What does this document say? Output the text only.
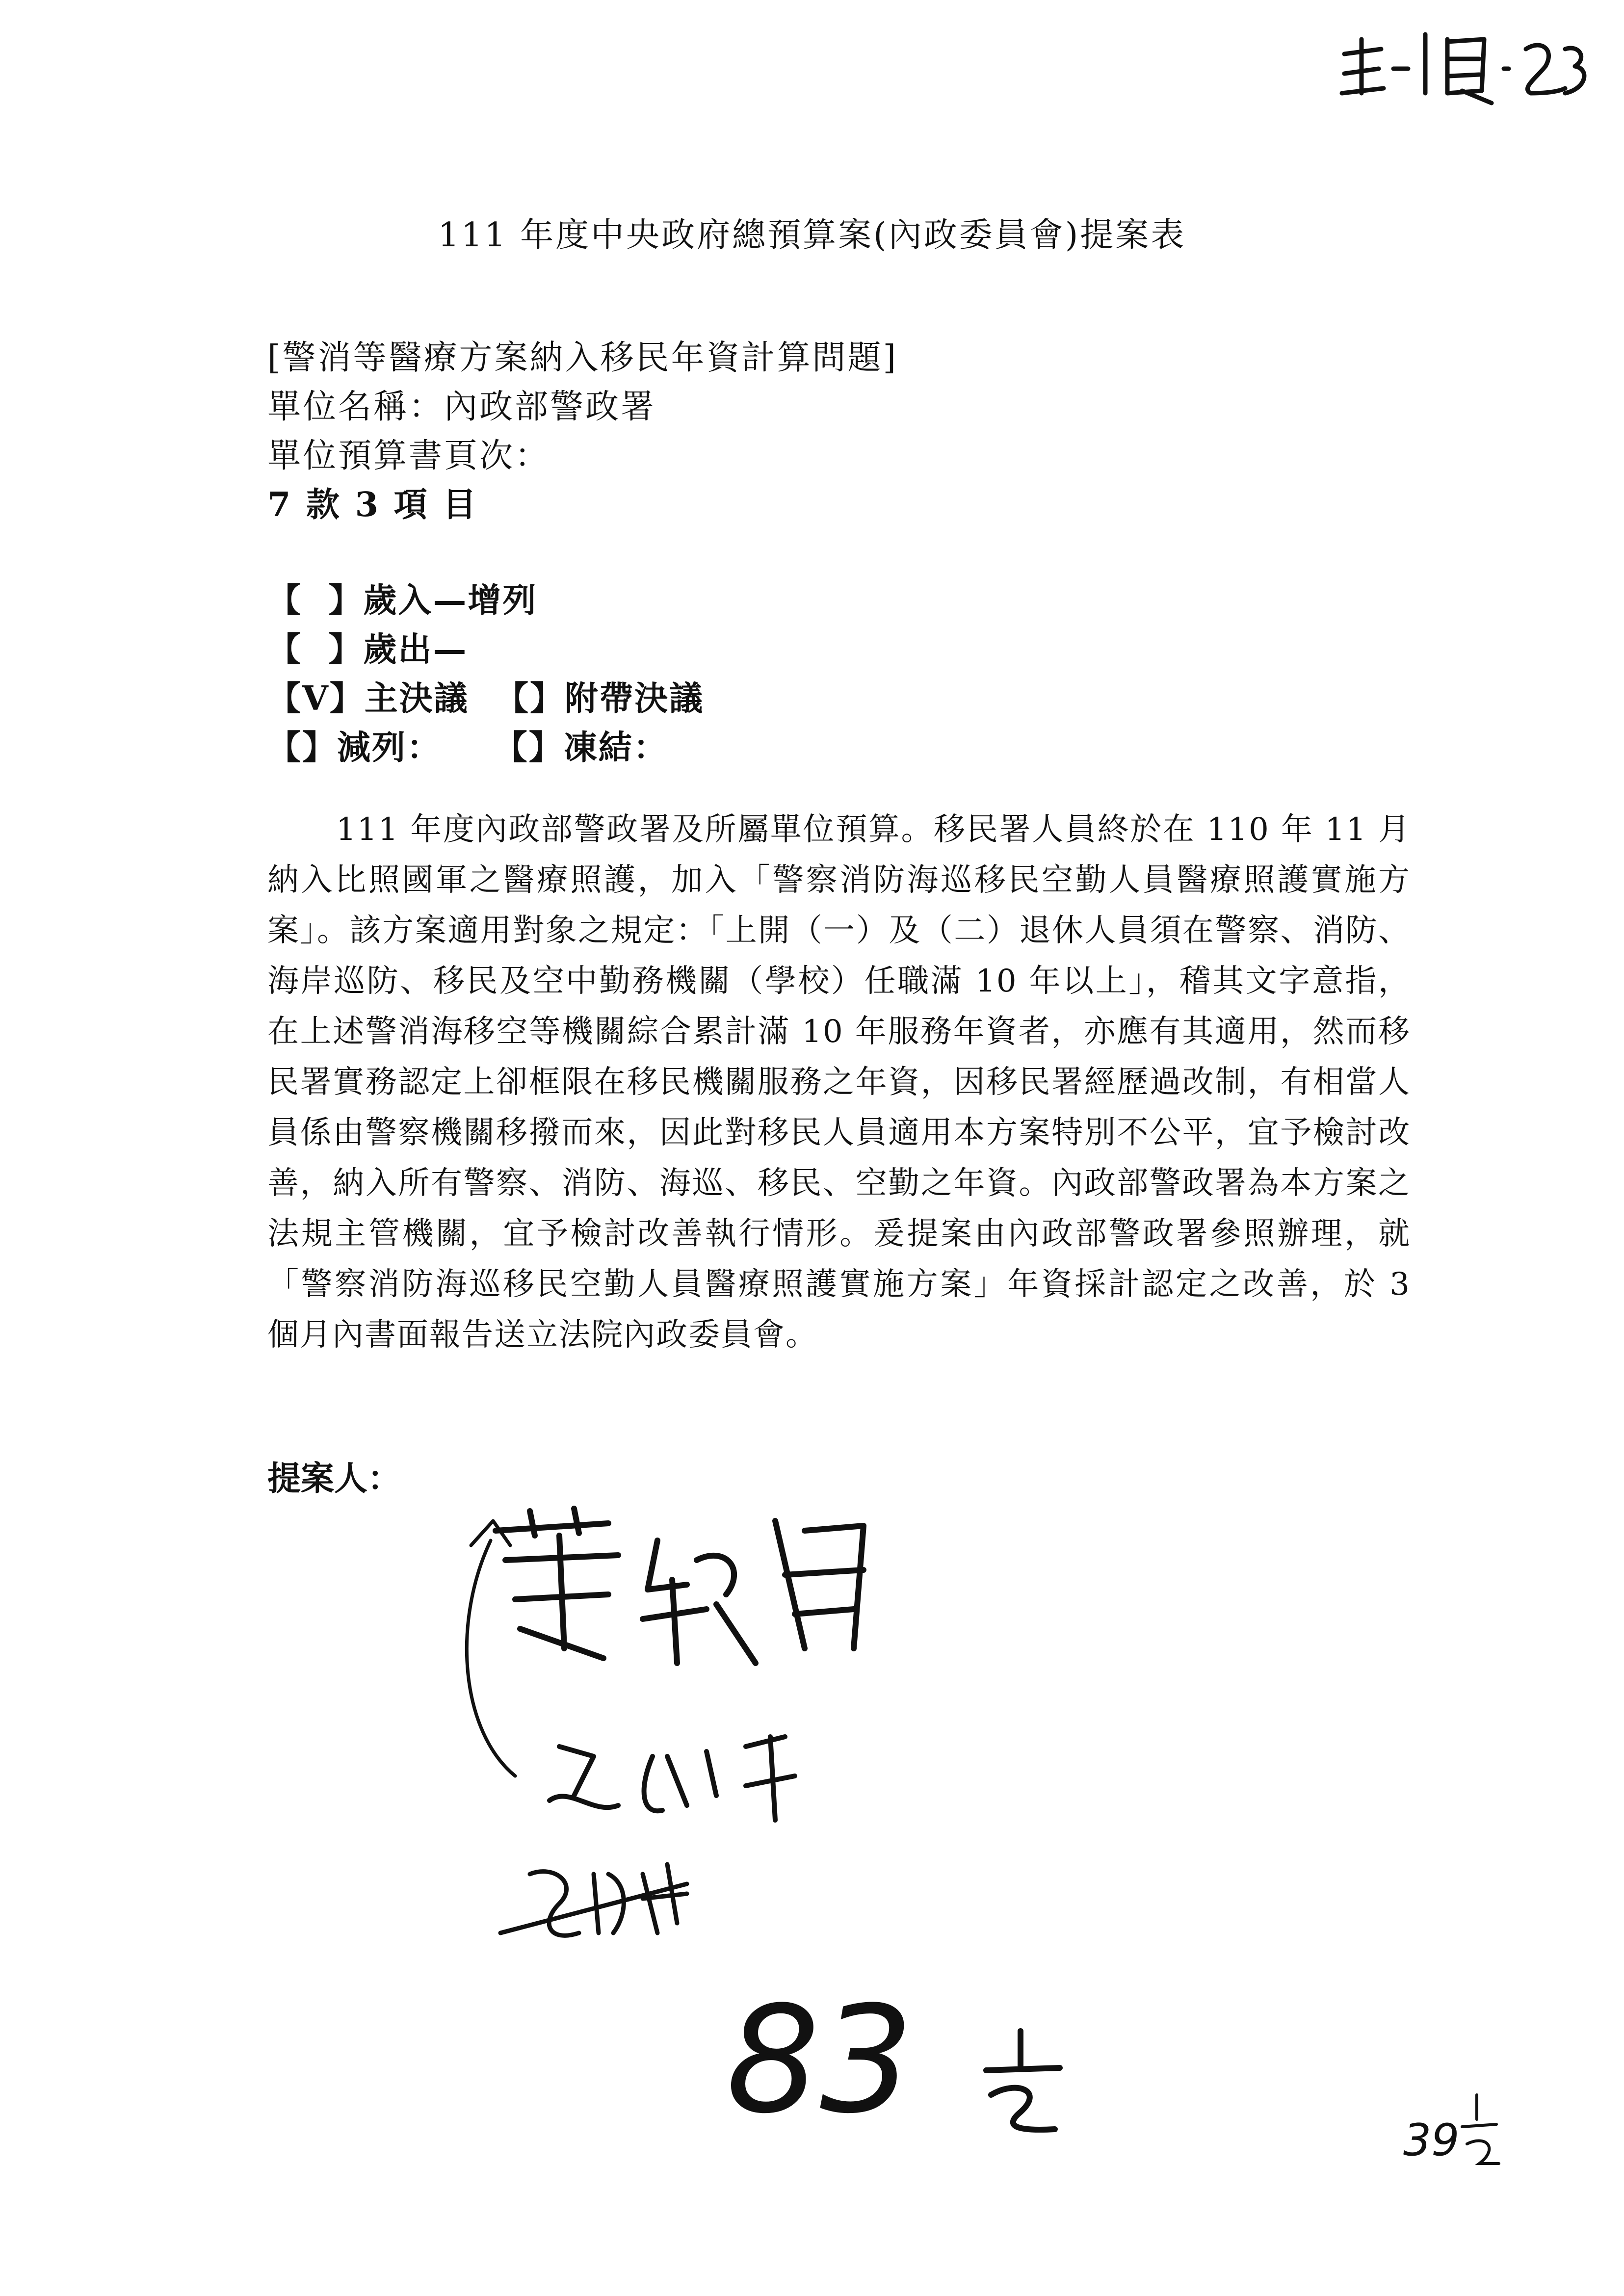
111 年度中央政府總預算案(內政委員會)提案表
[警消等醫療方案納入移民年資計算問題]
單位名稱：內政部警政署
單位預算書頁次：
7 款 3 項 目
【  】歲入—增列
【  】歲出—
【V】主決議  【】附帶決議
【】減列：    【】凍結：
111 年度內政部警政署及所屬單位預算。移民署人員終於在 110 年 11 月納入比照國軍之醫療照護，加入「警察消防海巡移民空勤人員醫療照護實施方案」。該方案適用對象之規定：「上開（一）及（二）退休人員須在警察、消防、海岸巡防、移民及空中勤務機關（學校）任職滿 10 年以上」，稽其文字意指，在上述警消海移空等機關綜合累計滿 10 年服務年資者，亦應有其適用，然而移民署實務認定上卻框限在移民機關服務之年資，因移民署經歷過改制，有相當人員係由警察機關移撥而來，因此對移民人員適用本方案特別不公平，宜予檢討改善，納入所有警察、消防、海巡、移民、空勤之年資。內政部警政署為本方案之法規主管機關，宜予檢討改善執行情形。爰提案由內政部警政署參照辦理，就「警察消防海巡移民空勤人員醫療照護實施方案」年資採計認定之改善，於 3 個月內書面報告送立法院內政委員會。
提案人：
83	39
